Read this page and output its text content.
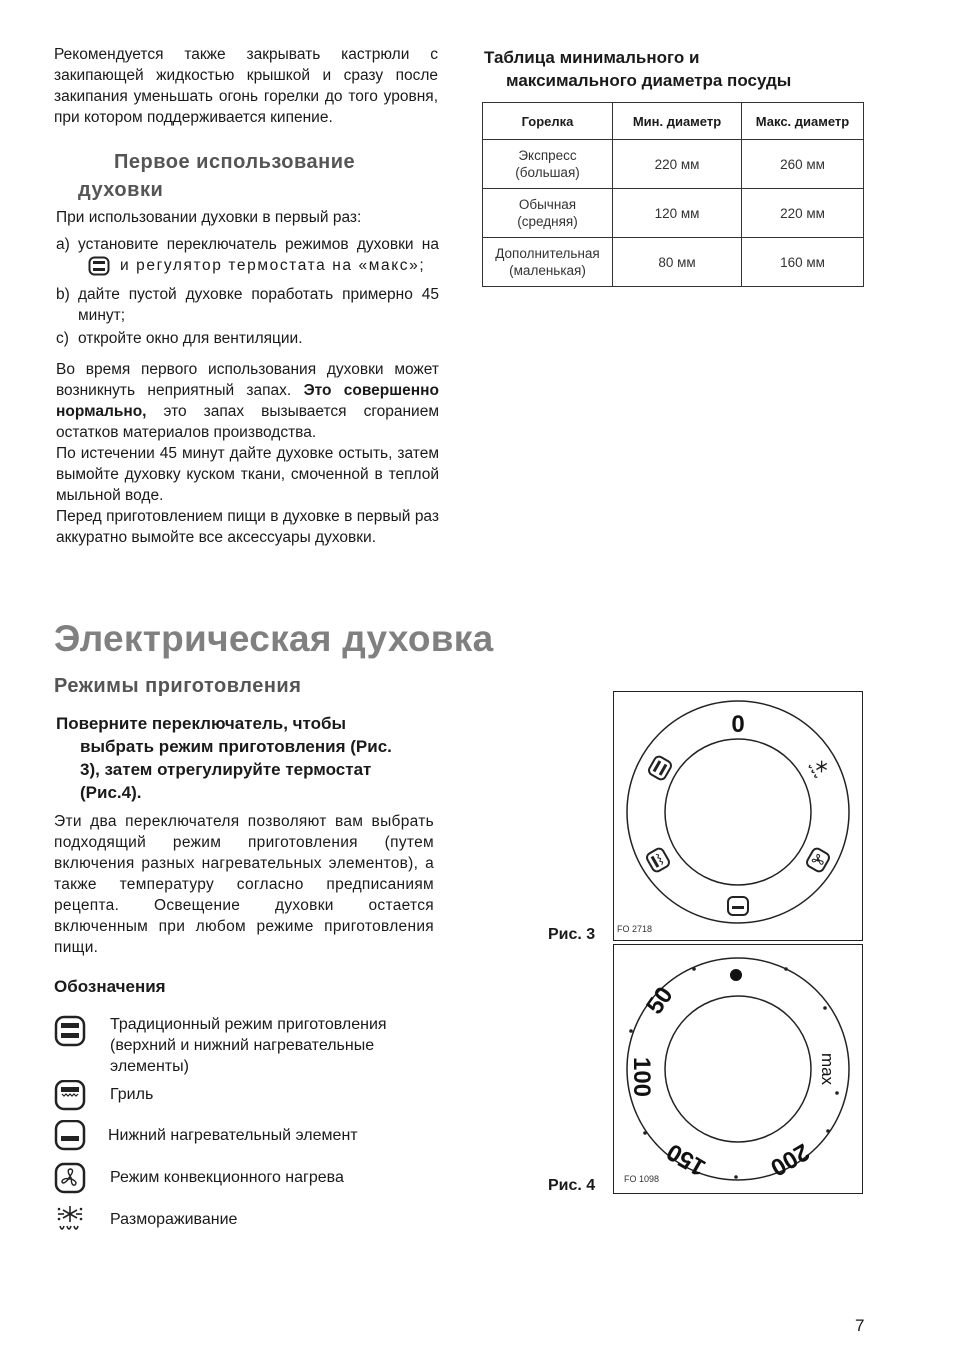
Рекомендуется также закрывать кастрюли с закипающей жидкостью крышкой и сразу после закипания уменьшать огонь горелки до того уровня, при котором поддерживается кипение.
Первое использование
духовки
При использовании духовки в первый раз:
a) установите переключатель режимов духовки наи регулятор термостата на «макс»;
b) дайте пустой духовке поработать примерно 45 минут;
c) откройте окно для вентиляции.
Во время первого использования духовки может возникнуть неприятный запах. Это совершенно нормально, это запах вызывается сгоранием остатков материалов производства.
По истечении 45 минут дайте духовке остыть, затем вымойте духовку куском ткани, смоченной в теплой мыльной воде.
Перед приготовлением пищи в духовке в первый раз аккуратно вымойте все аксессуары духовки.
Таблица минимального и
максимального диаметра посуды
Горелка	Мин. диаметр	Макс. диаметр
Экспресс
(большая)	220 мм	260 мм
Обычная
(средняя)	120 мм	220 мм
Дополнительная
(маленькая)	80 мм	160 мм
Электрическая духовка
Режимы приготовления
Поверните переключатель, чтобы
выбрать режим приготовления (Рис. 3), затем отрегулируйте термостат (Рис.4).
Эти два переключателя позволяют вам выбрать подходящий режим приготовления (путем включения разных нагревательных элементов), а также температуру согласно предписаниям рецепта. Освещение духовки остается включенным при любом режиме приготовления пищи.
Обозначения
Традиционный режим приготовления (верхний и нижний нагревательные элементы)
Гриль
Нижний нагревательный элемент
Режим конвекционного нагрева
Размораживание
0
FO 2718
Рис. 3
50
100
150 200
max
FO 1098
Рис. 4
7
